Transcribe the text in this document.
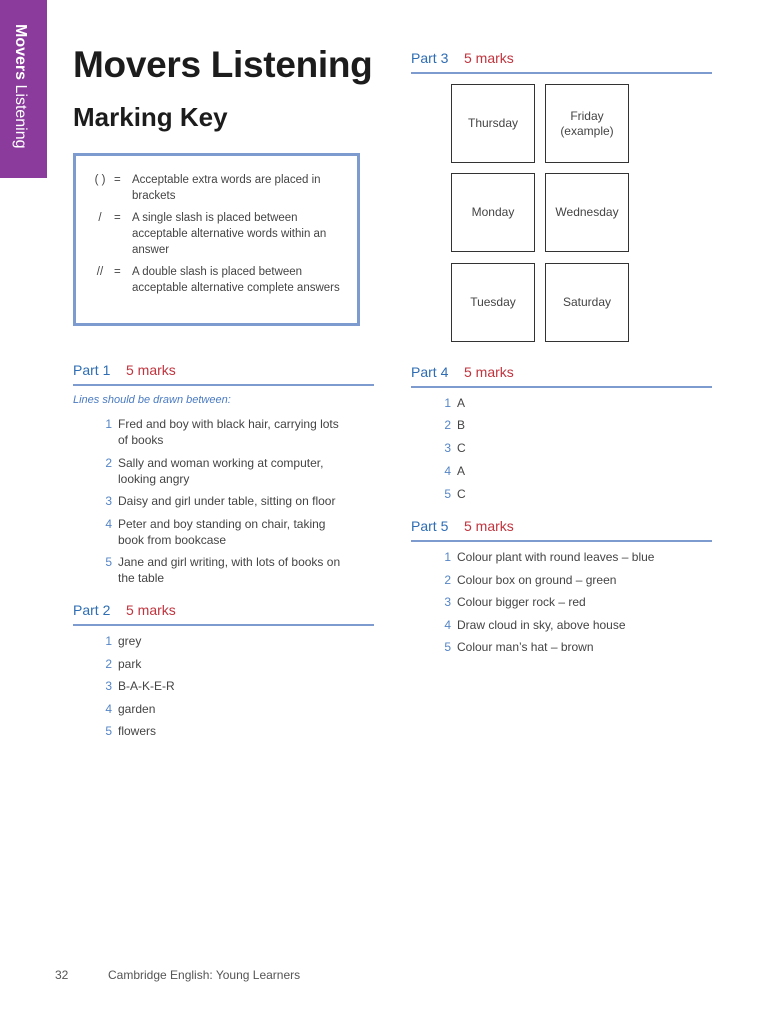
Movers Listening
Movers Listening
Marking Key
( ) = Acceptable extra words are placed in brackets
/	= A single slash is placed between acceptable alternative words within an answer
// = A double slash is placed between acceptable alternative complete answers
Part 1 5 marks
Lines should be drawn between:
1 Fred and boy with black hair, carrying lots of books
2 Sally and woman working at computer, looking angry
3 Daisy and girl under table, sitting on floor
4 Peter and boy standing on chair, taking book from bookcase
5 Jane and girl writing, with lots of books on the table
Part 2 5 marks
1 grey
2 park
3 B-A-K-E-R
4 garden
5 flowers
Part 3 5 marks
Thursday
Friday
(example)
Monday	Wednesday
Tuesday	Saturday
Part 4 5 marks
1 A
2 B
3 C
4 A
5 C
Part 5 5 marks
1 Colour plant with round leaves – blue
2 Colour box on ground – green
3 Colour bigger rock – red
4 Draw cloud in sky, above house
5 Colour man’s hat – brown
32	Cambridge English: Young Learners
